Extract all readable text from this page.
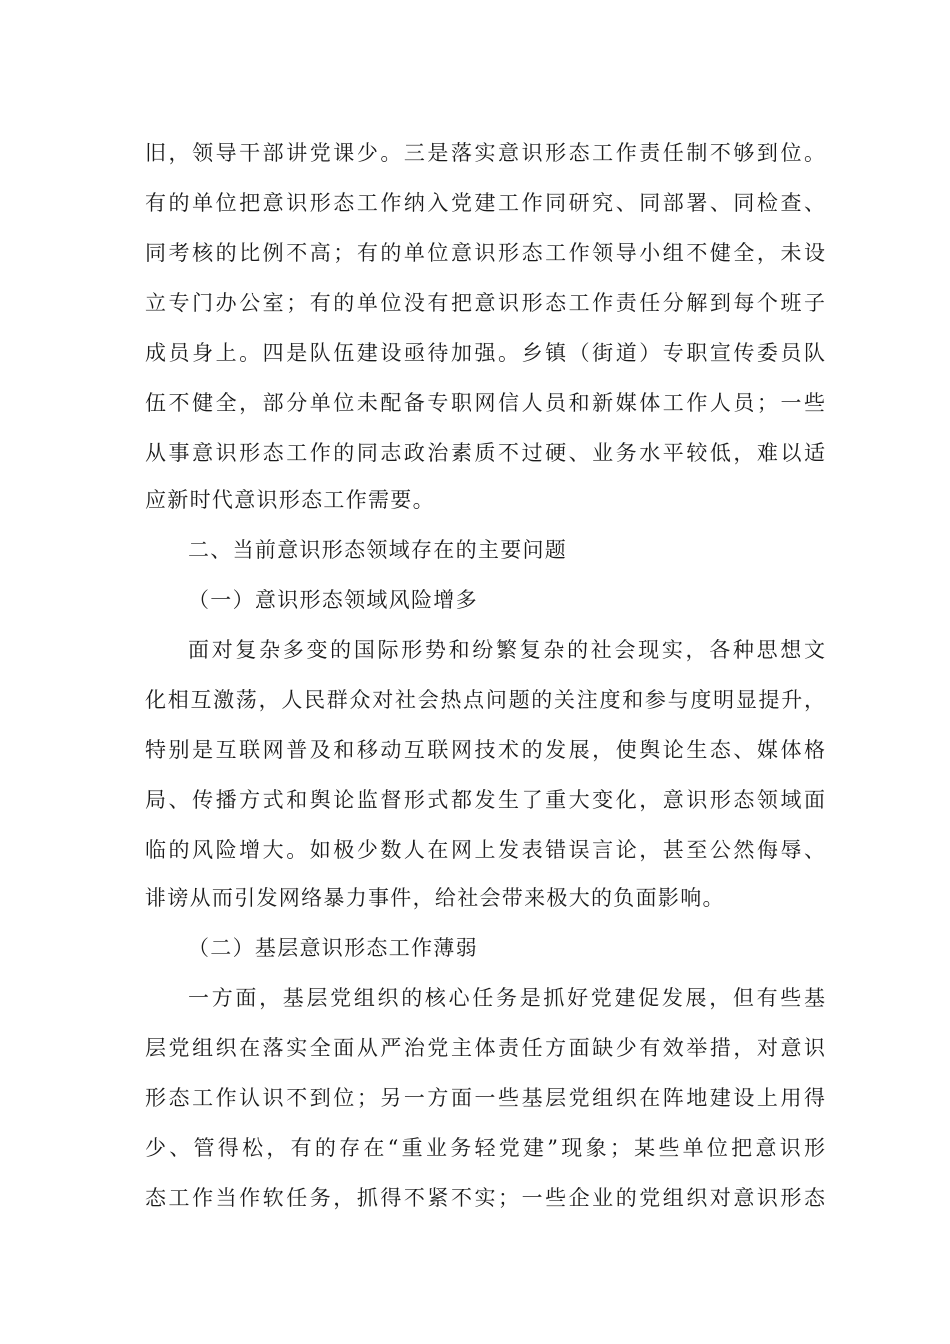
旧，领导干部讲党课少。三是落实意识形态工作责任制不够到位。
有的单位把意识形态工作纳入党建工作同研究、同部署、同检查、
同考核的比例不高；有的单位意识形态工作领导小组不健全，未设
立专门办公室；有的单位没有把意识形态工作责任分解到每个班子
成员身上。四是队伍建设亟待加强。乡镇（街道）专职宣传委员队
伍不健全，部分单位未配备专职网信人员和新媒体工作人员；一些
从事意识形态工作的同志政治素质不过硬、业务水平较低，难以适
应新时代意识形态工作需要。
二、当前意识形态领域存在的主要问题
（一）意识形态领域风险增多
面对复杂多变的国际形势和纷繁复杂的社会现实，各种思想文
化相互激荡，人民群众对社会热点问题的关注度和参与度明显提升，
特别是互联网普及和移动互联网技术的发展，使舆论生态、媒体格
局、传播方式和舆论监督形式都发生了重大变化，意识形态领域面
临的风险增大。如极少数人在网上发表错误言论，甚至公然侮辱、
诽谤从而引发网络暴力事件，给社会带来极大的负面影响。
（二）基层意识形态工作薄弱
一方面，基层党组织的核心任务是抓好党建促发展，但有些基
层党组织在落实全面从严治党主体责任方面缺少有效举措，对意识
形态工作认识不到位；另一方面一些基层党组织在阵地建设上用得
少、管得松，有的存在“重业务轻党建”现象；某些单位把意识形
态工作当作软任务，抓得不紧不实；一些企业的党组织对意识形态
